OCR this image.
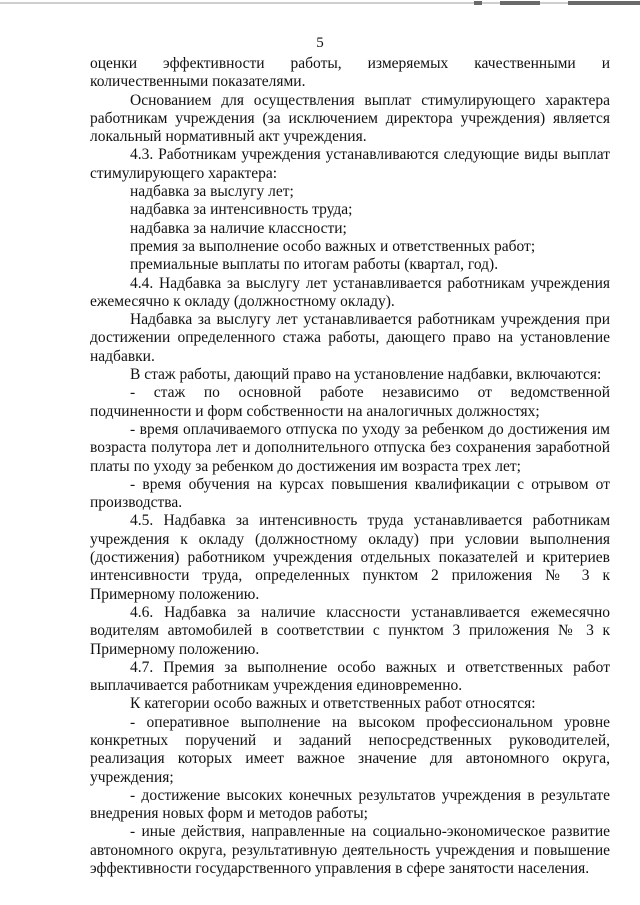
5

оценки эффективности работы, измеряемых качественными и количественными показателями.

Основанием для осуществления выплат стимулирующего характера работникам учреждения (за исключением директора учреждения) является локальный нормативный акт учреждения.

4.3. Работникам учреждения устанавливаются следующие виды выплат стимулирующего характера:

надбавка за выслугу лет;

надбавка за интенсивность труда;

надбавка за наличие классности;

премия за выполнение особо важных и ответственных работ;

премиальные выплаты по итогам работы (квартал, год).

4.4. Надбавка за выслугу лет устанавливается работникам учреждения ежемесячно к окладу (должностному окладу).

Надбавка за выслугу лет устанавливается работникам учреждения при достижении определенного стажа работы, дающего право на установление надбавки.

В стаж работы, дающий право на установление надбавки, включаются:

- стаж по основной работе независимо от ведомственной подчиненности и форм собственности на аналогичных должностях;

- время оплачиваемого отпуска по уходу за ребенком до достижения им возраста полутора лет и дополнительного отпуска без сохранения заработной платы по уходу за ребенком до достижения им возраста трех лет;

- время обучения на курсах повышения квалификации с отрывом от производства.

4.5. Надбавка за интенсивность труда устанавливается работникам учреждения к окладу (должностному окладу) при условии выполнения (достижения) работником учреждения отдельных показателей и критериев интенсивности труда, определенных пунктом 2 приложения № 3 к Примерному положению.

4.6. Надбавка за наличие классности устанавливается ежемесячно водителям автомобилей в соответствии с пунктом 3 приложения № 3 к Примерному положению.

4.7. Премия за выполнение особо важных и ответственных работ выплачивается работникам учреждения единовременно.

К категории особо важных и ответственных работ относятся:

- оперативное выполнение на высоком профессиональном уровне конкретных поручений и заданий непосредственных руководителей, реализация которых имеет важное значение для автономного округа, учреждения;

- достижение высоких конечных результатов учреждения в результате внедрения новых форм и методов работы;

- иные действия, направленные на социально-экономическое развитие автономного округа, результативную деятельность учреждения и повышение эффективности государственного управления в сфере занятости населения.
